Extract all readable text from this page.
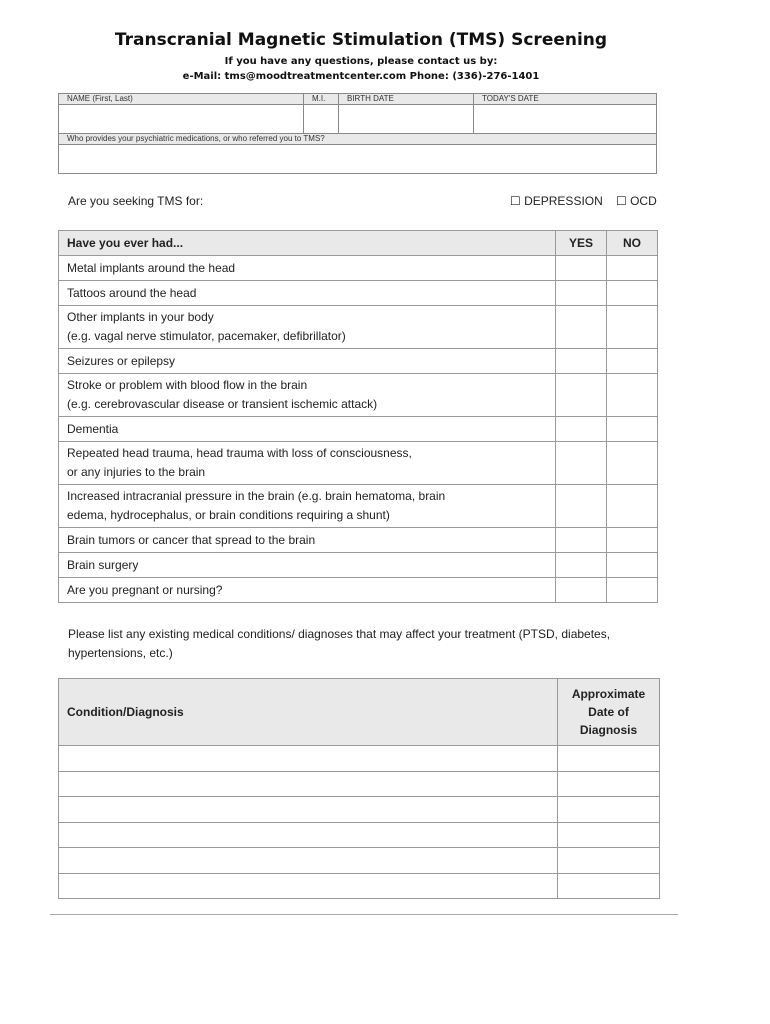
Transcranial Magnetic Stimulation (TMS) Screening
If you have any questions, please contact us by:
e-Mail: tms@moodtreatmentcenter.com Phone: (336)-276-1401
NAME (First, Last)	M.I.	BIRTH DATE	TODAY'S DATE

Who provides your psychiatric medications, or who referred you to TMS?			

Are you seeking TMS for:	☐ DEPRESSION ☐ OCD
Have you ever had...	YES	NO
Metal implants around the head		
Tattoos around the head		

Other implants in your body
(e.g. vagal nerve stimulator, pacemaker, defibrillator)		

Seizures or epilepsy		

Stroke or problem with blood flow in the brain
(e.g. cerebrovascular disease or transient ischemic attack)		

Dementia		

Repeated head trauma, head trauma with loss of consciousness,
or any injuries to the brain		

Increased intracranial pressure in the brain (e.g. brain hematoma, brain
edema, hydrocephalus, or brain conditions requiring a shunt)		

Brain tumors or cancer that spread to the brain		
Brain surgery		
Are you pregnant or nursing?		
Please list any existing medical conditions/ diagnoses that may affect your treatment (PTSD, diabetes, hypertensions, etc.)
Condition/Diagnosis	Approximate
Date of
Diagnosis
